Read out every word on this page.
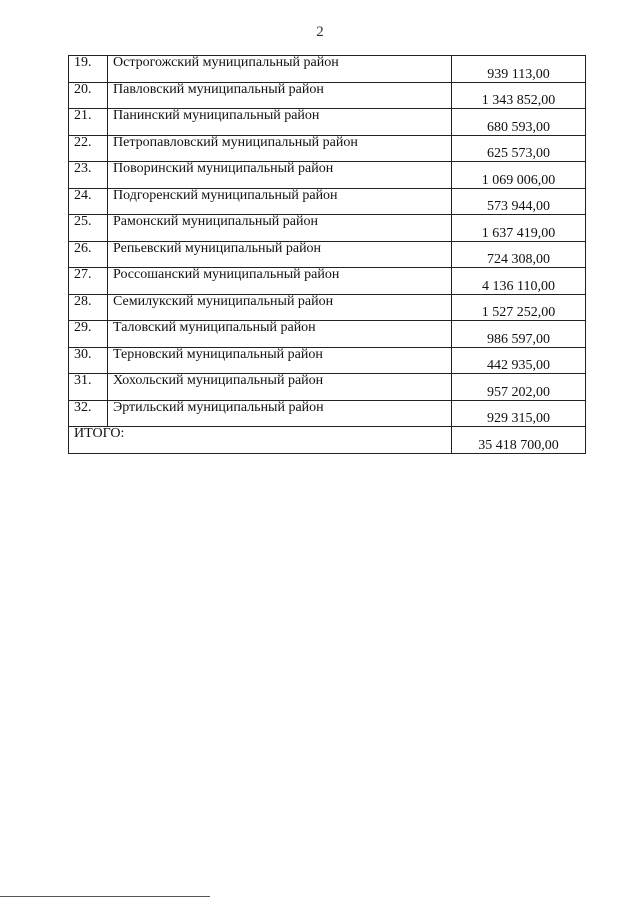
2
19.	Острогожский муниципальный район	939 113,00
20.	Павловский муниципальный район	1 343 852,00
21.	Панинский муниципальный район	680 593,00
22.	Петропавловский муниципальный район	625 573,00
23.	Поворинский муниципальный район	1 069 006,00
24.	Подгоренский муниципальный район	573 944,00
25.	Рамонский муниципальный район	1 637 419,00
26.	Репьевский муниципальный район	724 308,00
27.	Россошанский муниципальный район	4 136 110,00
28.	Семилукский муниципальный район	1 527 252,00
29.	Таловский муниципальный район	986 597,00
30.	Терновский муниципальный район	442 935,00
31.	Хохольский муниципальный район	957 202,00
32.	Эртильский муниципальный район	929 315,00
ИТОГО:		35 418 700,00
